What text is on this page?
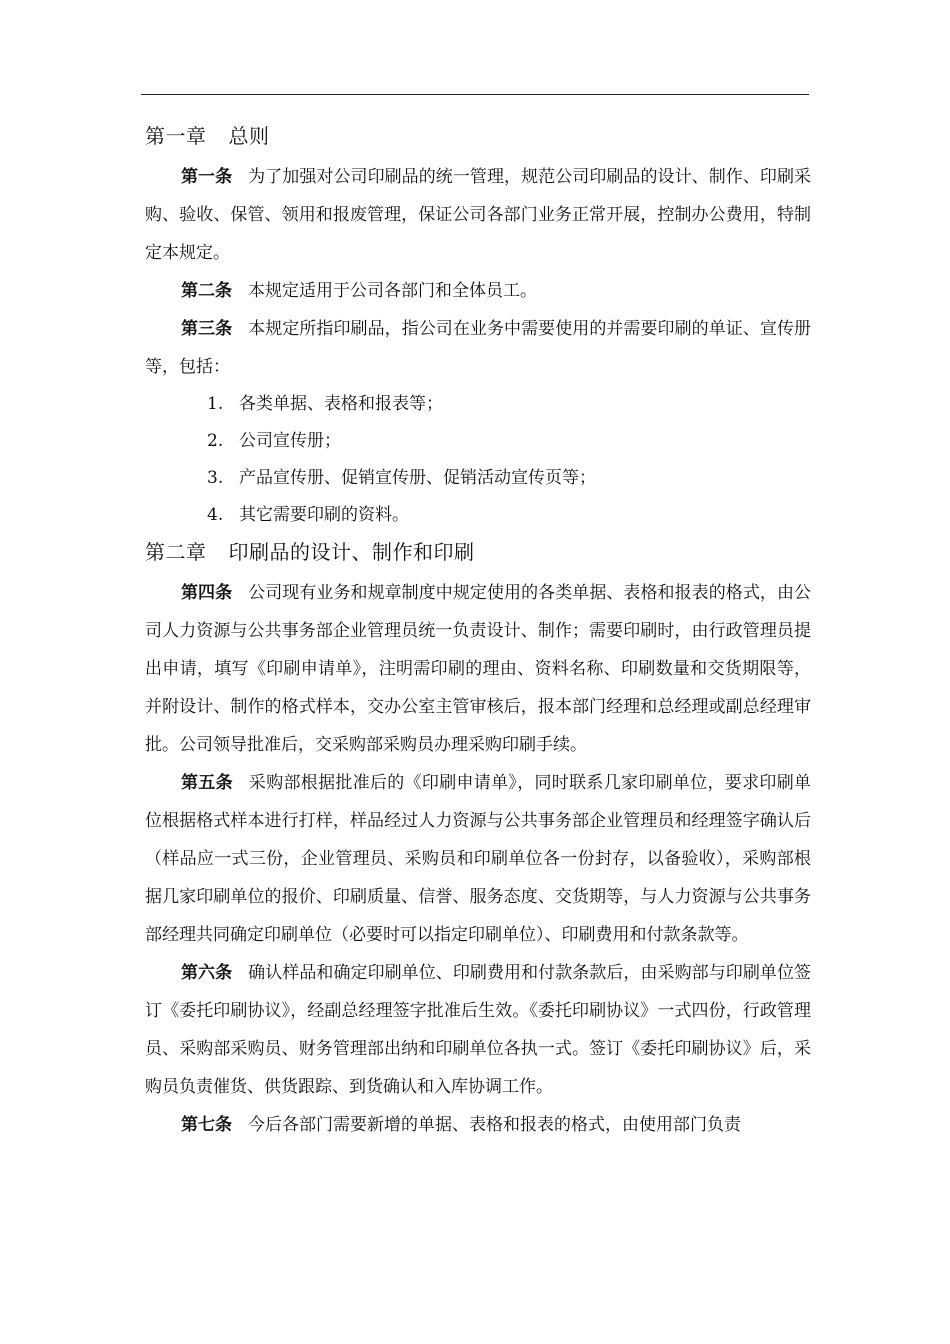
第一章 总则

第一条 为了加强对公司印刷品的统一管理，规范公司印刷品的设计、制作、印刷采购、验收、保管、领用和报废管理，保证公司各部门业务正常开展，控制办公费用，特制定本规定。

第二条 本规定适用于公司各部门和全体员工。

第三条 本规定所指印刷品，指公司在业务中需要使用的并需要印刷的单证、宣传册等，包括：

1. 各类单据、表格和报表等；
2. 公司宣传册；
3. 产品宣传册、促销宣传册、促销活动宣传页等；
4. 其它需要印刷的资料。
第二章 印刷品的设计、制作和印刷

第四条 公司现有业务和规章制度中规定使用的各类单据、表格和报表的格式，由公司人力资源与公共事务部企业管理员统一负责设计、制作；需要印刷时，由行政管理员提出申请，填写《印刷申请单》，注明需印刷的理由、资料名称、印刷数量和交货期限等，并附设计、制作的格式样本，交办公室主管审核后，报本部门经理和总经理或副总经理审批。公司领导批准后，交采购部采购员办理采购印刷手续。

第五条 采购部根据批准后的《印刷申请单》，同时联系几家印刷单位，要求印刷单位根据格式样本进行打样，样品经过人力资源与公共事务部企业管理员和经理签字确认后（样品应一式三份，企业管理员、采购员和印刷单位各一份封存，以备验收），采购部根据几家印刷单位的报价、印刷质量、信誉、服务态度、交货期等，与人力资源与公共事务部经理共同确定印刷单位（必要时可以指定印刷单位）、印刷费用和付款条款等。

第六条 确认样品和确定印刷单位、印刷费用和付款条款后，由采购部与印刷单位签订《委托印刷协议》，经副总经理签字批准后生效。《委托印刷协议》一式四份，行政管理员、采购部采购员、财务管理部出纳和印刷单位各执一式。签订《委托印刷协议》后，采购员负责催货、供货跟踪、到货确认和入库协调工作。

第七条 今后各部门需要新增的单据、表格和报表的格式，由使用部门负责
